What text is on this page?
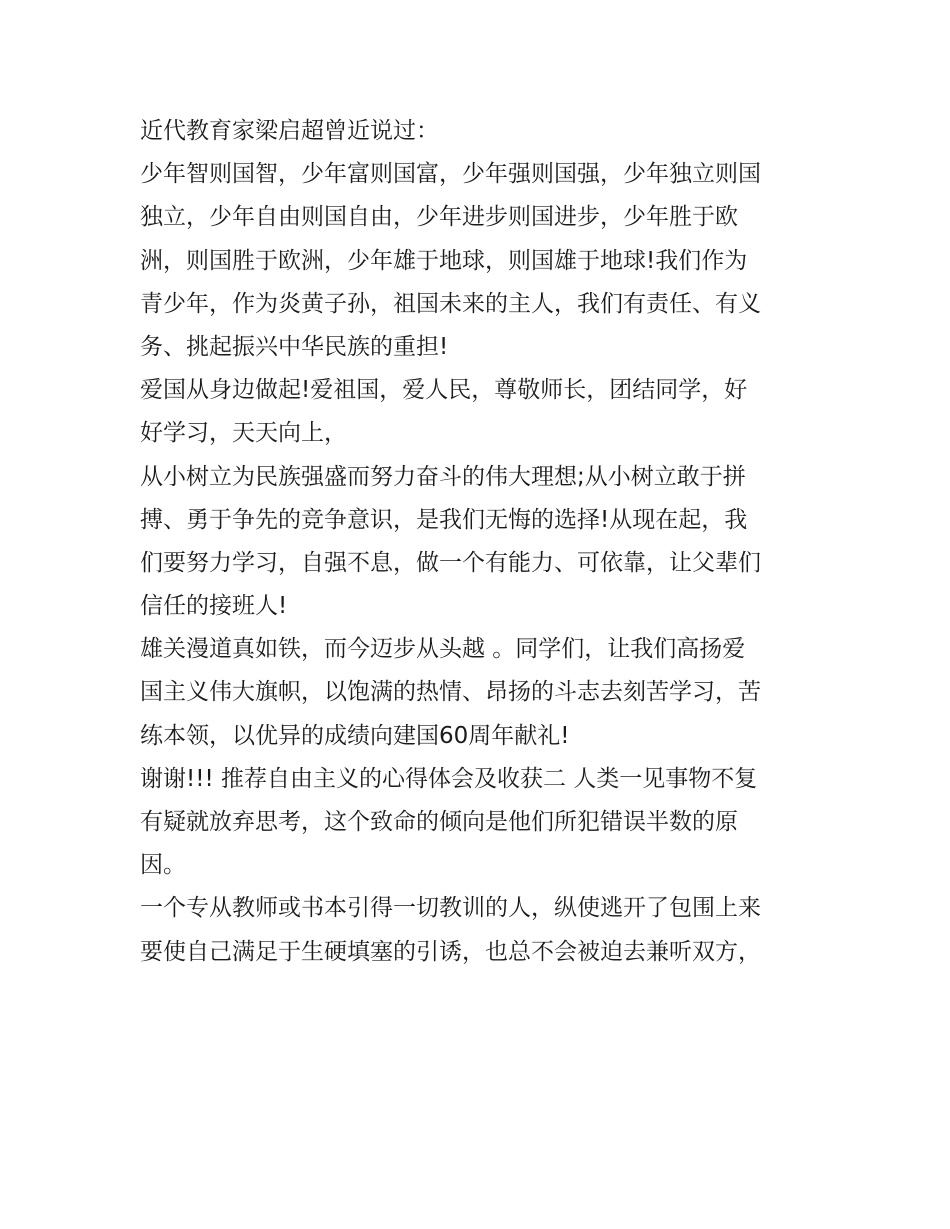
近代教育家梁启超曾近说过：
少年智则国智，少年富则国富，少年强则国强，少年独立则国
独立，少年自由则国自由，少年进步则国进步，少年胜于欧
洲，则国胜于欧洲，少年雄于地球，则国雄于地球!我们作为
青少年，作为炎黄子孙，祖国未来的主人，我们有责任、有义
务、挑起振兴中华民族的重担!
爱国从身边做起!爱祖国，爱人民，尊敬师长，团结同学，好
好学习，天天向上，
从小树立为民族强盛而努力奋斗的伟大理想;从小树立敢于拼
搏、勇于争先的竞争意识，是我们无悔的选择!从现在起，我
们要努力学习，自强不息，做一个有能力、可依靠，让父辈们
信任的接班人!
雄关漫道真如铁，而今迈步从头越 。同学们，让我们高扬爱
国主义伟大旗帜，以饱满的热情、昂扬的斗志去刻苦学习，苦
练本领，以优异的成绩向建国60周年献礼!
谢谢!!! 推荐自由主义的心得体会及收获二 人类一见事物不复
有疑就放弃思考，这个致命的倾向是他们所犯错误半数的原
因。
一个专从教师或书本引得一切教训的人，纵使逃开了包围上来
要使自己满足于生硬填塞的引诱，也总不会被迫去兼听双方，
